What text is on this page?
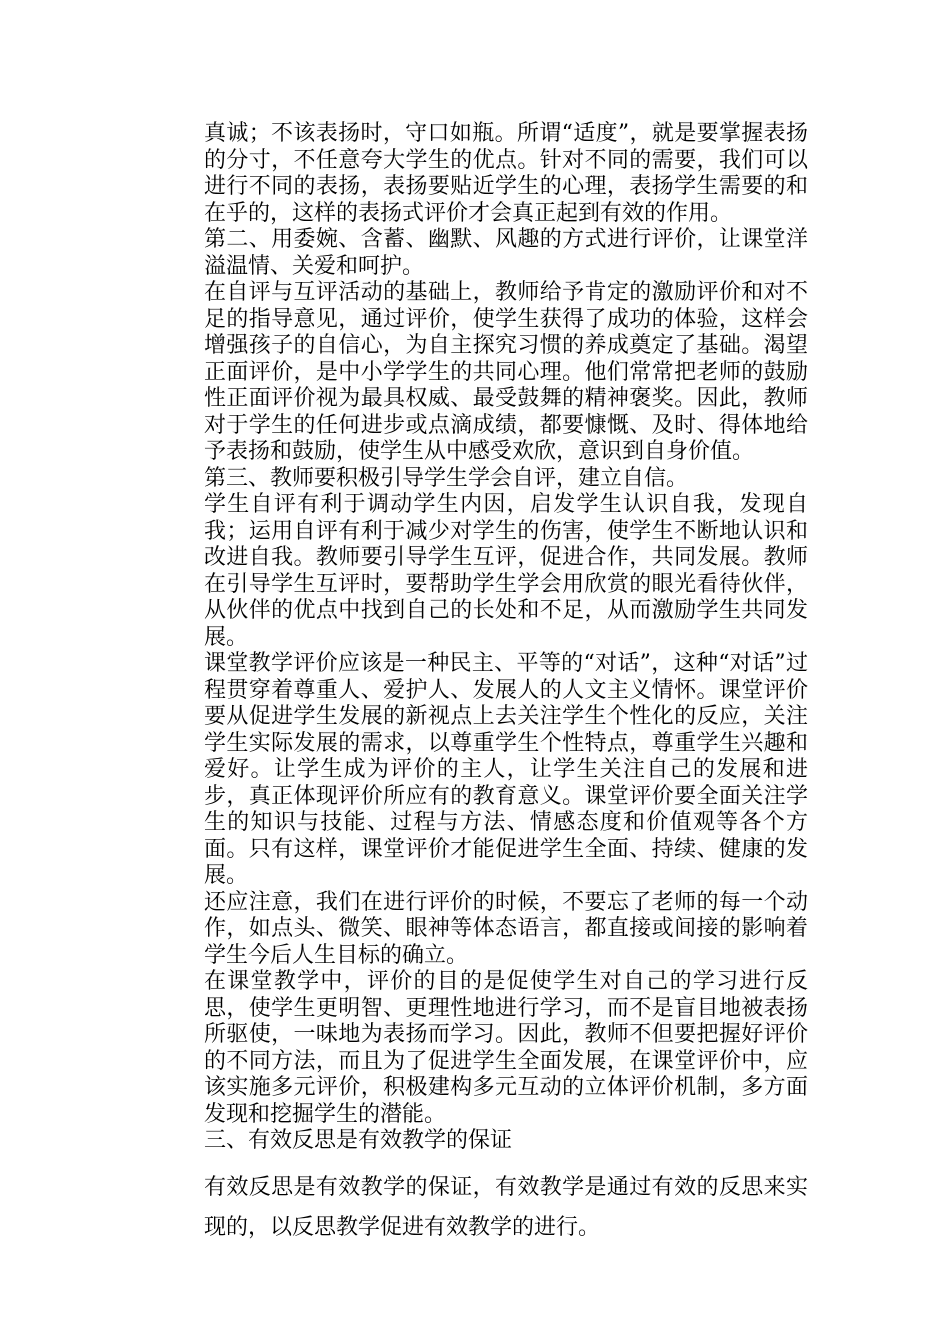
真诚；不该表扬时，守口如瓶。所谓“适度”，就是要掌握表扬的分寸，不任意夸大学生的优点。针对不同的需要，我们可以进行不同的表扬，表扬要贴近学生的心理，表扬学生需要的和在乎的，这样的表扬式评价才会真正起到有效的作用。

第二、用委婉、含蓄、幽默、风趣的方式进行评价，让课堂洋溢温情、关爱和呵护。

在自评与互评活动的基础上，教师给予肯定的激励评价和对不足的指导意见，通过评价，使学生获得了成功的体验，这样会增强孩子的自信心，为自主探究习惯的养成奠定了基础。渴望正面评价，是中小学学生的共同心理。他们常常把老师的鼓励性正面评价视为最具权威、最受鼓舞的精神褒奖。因此，教师对于学生的任何进步或点滴成绩，都要慷慨、及时、得体地给予表扬和鼓励，使学生从中感受欢欣，意识到自身价值。

第三、教师要积极引导学生学会自评，建立自信。

学生自评有利于调动学生内因，启发学生认识自我，发现自我；运用自评有利于减少对学生的伤害，使学生不断地认识和改进自我。教师要引导学生互评，促进合作，共同发展。教师在引导学生互评时，要帮助学生学会用欣赏的眼光看待伙伴，从伙伴的优点中找到自己的长处和不足，从而激励学生共同发展。

课堂教学评价应该是一种民主、平等的“对话”，这种“对话”过程贯穿着尊重人、爱护人、发展人的人文主义情怀。课堂评价要从促进学生发展的新视点上去关注学生个性化的反应，关注学生实际发展的需求，以尊重学生个性特点，尊重学生兴趣和爱好。让学生成为评价的主人，让学生关注自己的发展和进步，真正体现评价所应有的教育意义。课堂评价要全面关注学生的知识与技能、过程与方法、情感态度和价值观等各个方面。只有这样，课堂评价才能促进学生全面、持续、健康的发展。

还应注意，我们在进行评价的时候，不要忘了老师的每一个动作，如点头、微笑、眼神等体态语言，都直接或间接的影响着学生今后人生目标的确立。

在课堂教学中，评价的目的是促使学生对自己的学习进行反思，使学生更明智、更理性地进行学习，而不是盲目地被表扬所驱使，一味地为表扬而学习。因此，教师不但要把握好评价的不同方法，而且为了促进学生全面发展，在课堂评价中，应该实施多元评价，积极建构多元互动的立体评价机制，多方面发现和挖掘学生的潜能。

三、有效反思是有效教学的保证

有效反思是有效教学的保证，有效教学是通过有效的反思来实现的，以反思教学促进有效教学的进行。
